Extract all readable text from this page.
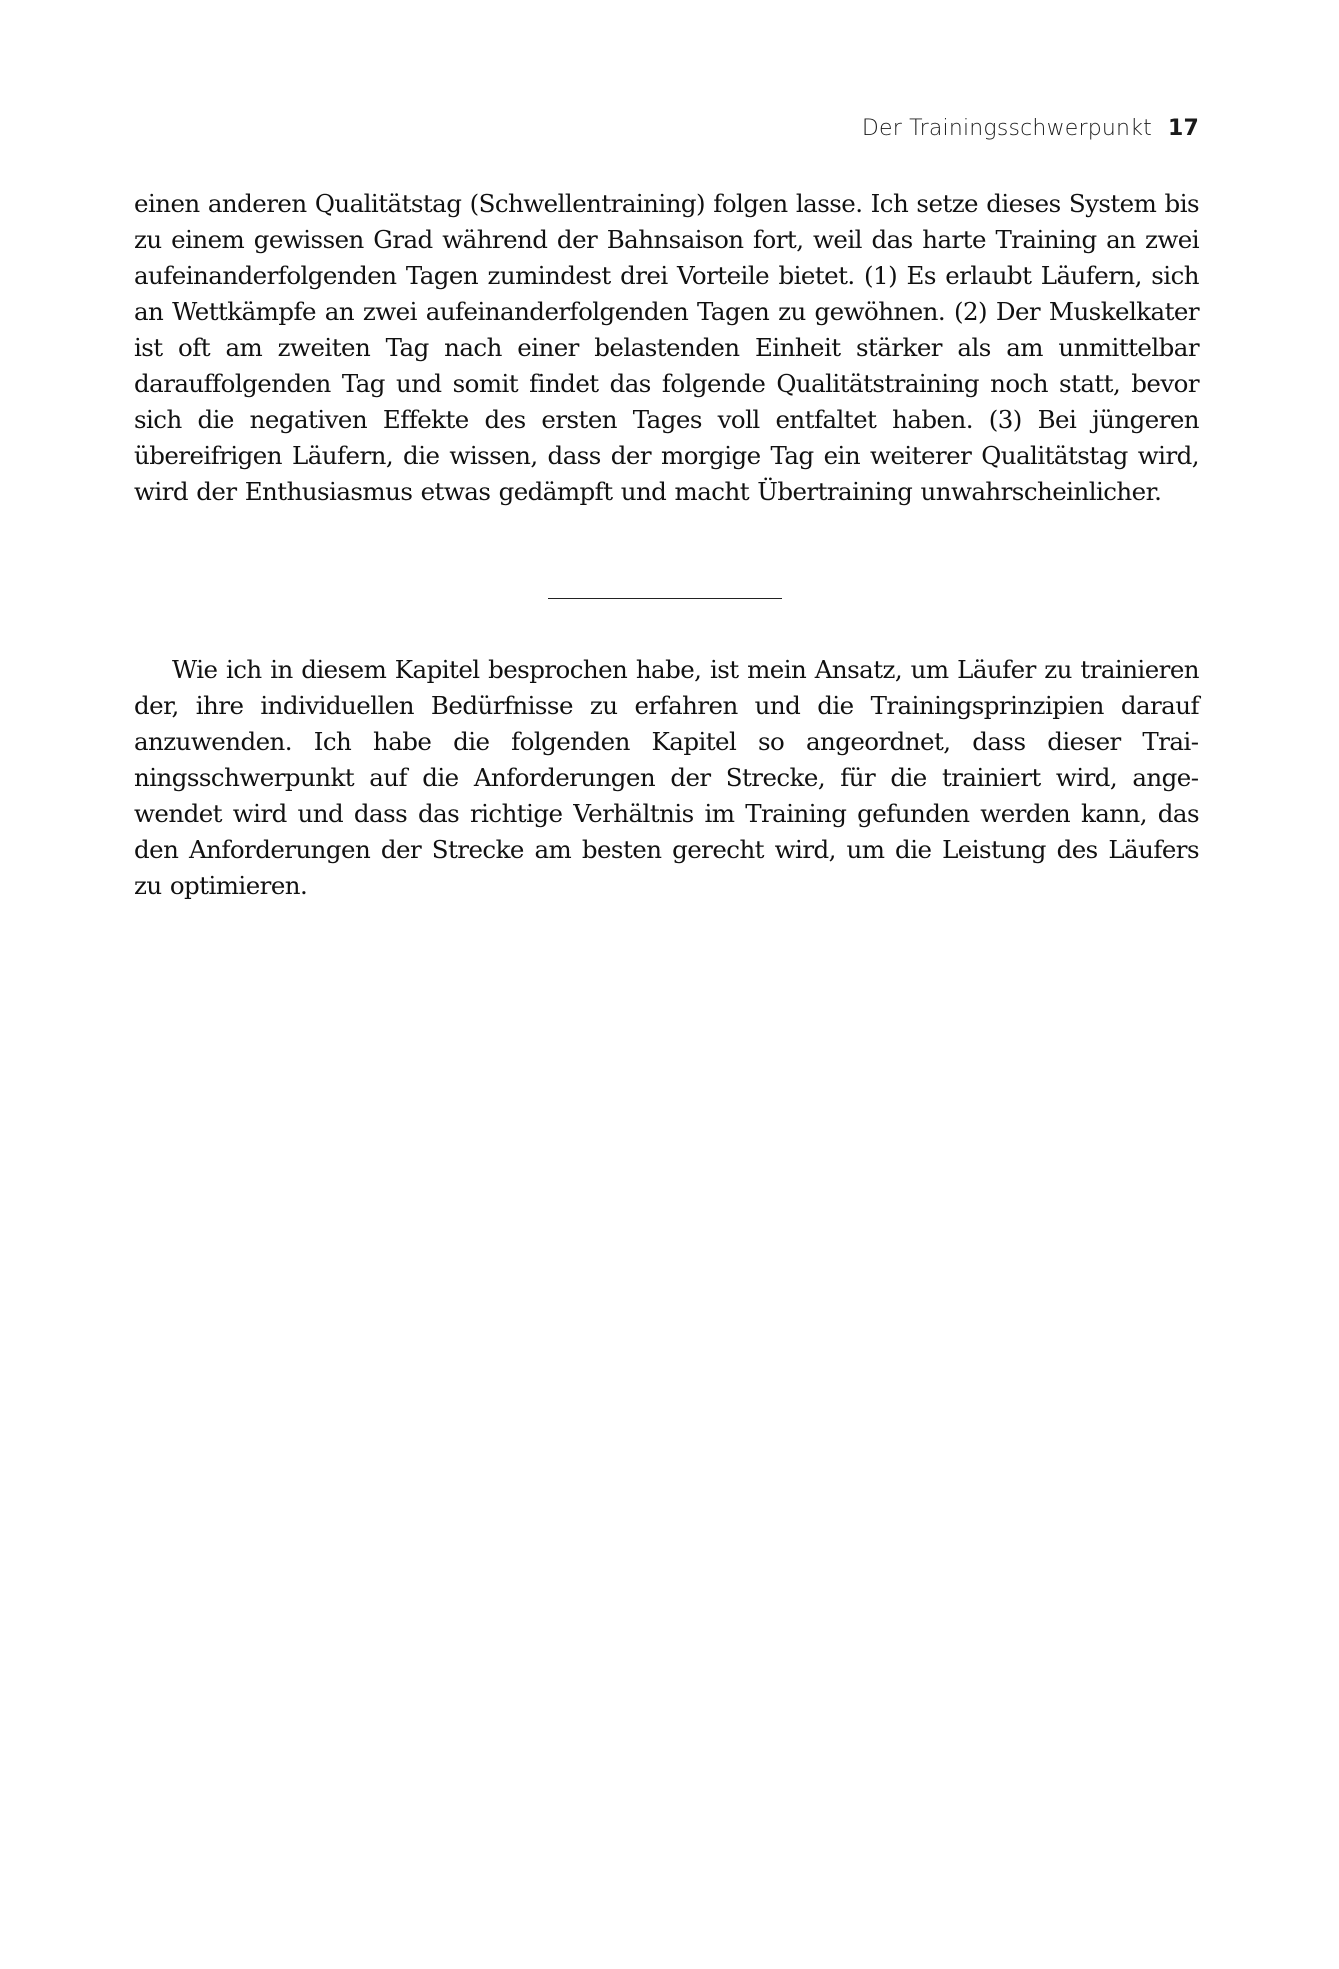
Der Trainingsschwerpunkt 17

einen anderen Qualitätstag (Schwellentraining) folgen lasse. Ich setze dieses System bis zu einem gewissen Grad während der Bahnsaison fort, weil das harte Training an zwei aufeinanderfolgenden Tagen zumindest drei Vorteile bietet. (1) Es erlaubt Läufern, sich an Wettkämpfe an zwei aufeinanderfolgenden Tagen zu gewöhnen. (2) Der Muskelkater ist oft am zweiten Tag nach einer belastenden Einheit stärker als am unmittelbar darauffolgenden Tag und somit findet das folgende Qualitätstraining noch statt, bevor sich die negativen Effekte des ersten Tages voll entfaltet haben. (3) Bei jüngeren übereifrigen Läufern, die wissen, dass der morgige Tag ein weiterer Qualitätstag wird, wird der Enthusiasmus etwas gedämpft und macht Übertraining unwahrscheinlicher.

Wie ich in diesem Kapitel besprochen habe, ist mein Ansatz, um Läufer zu trainieren der, ihre individuellen Bedürfnisse zu erfahren und die Trainingsprinzipien darauf anzuwenden. Ich habe die folgenden Kapitel so angeordnet, dass dieser Trainingsschwerpunkt auf die Anforderungen der Strecke, für die trainiert wird, angewendet wird und dass das richtige Verhältnis im Training gefunden werden kann, das den Anforderungen der Strecke am besten gerecht wird, um die Leistung des Läufers zu optimieren.
